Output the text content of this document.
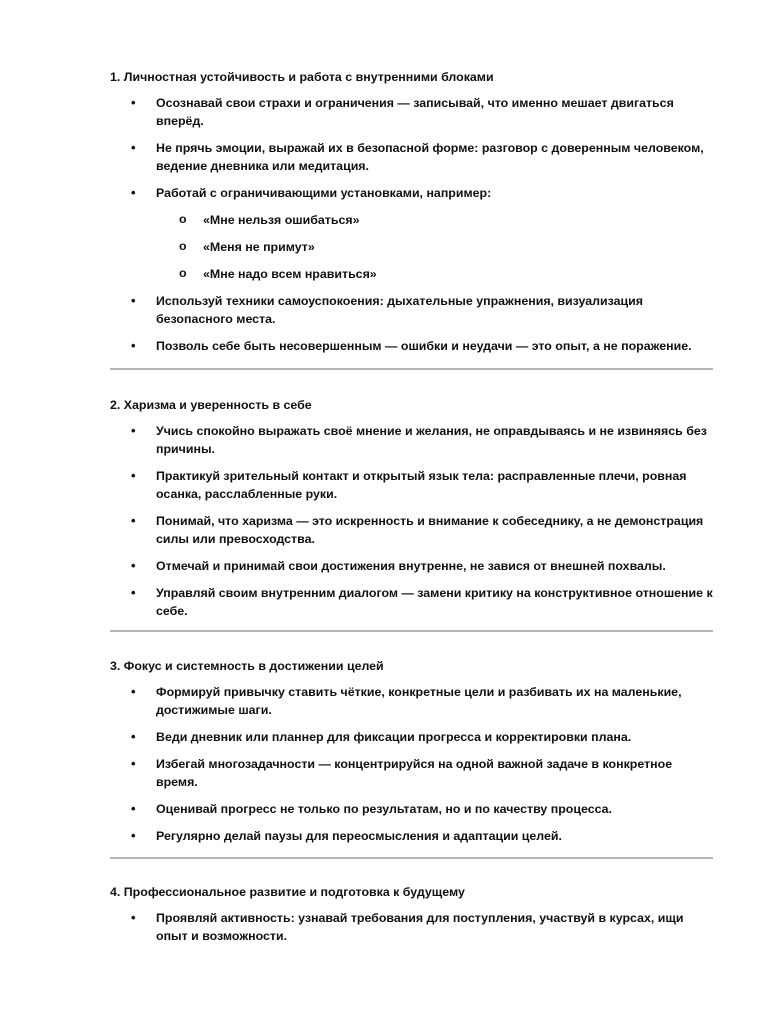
1. Личностная устойчивость и работа с внутренними блоками
•	Осознавай свои страхи и ограничения — записывай, что именно мешает двигаться вперёд.
•	Не прячь эмоции, выражай их в безопасной форме: разговор с доверенным человеком, ведение дневника или медитация.
•	Работай с ограничивающими установками, например:
o «Мне нельзя ошибаться»
o «Меня не примут»
o «Мне надо всем нравиться»
•	Используй техники самоуспокоения: дыхательные упражнения, визуализация безопасного места.
•	Позволь себе быть несовершенным — ошибки и неудачи — это опыт, а не поражение.
2. Харизма и уверенность в себе
•	Учись спокойно выражать своё мнение и желания, не оправдываясь и не извиняясь без причины.
•	Практикуй зрительный контакт и открытый язык тела: расправленные плечи, ровная осанка, расслабленные руки.
•	Понимай, что харизма — это искренность и внимание к собеседнику, а не демонстрация силы или превосходства.
•	Отмечай и принимай свои достижения внутренне, не завися от внешней похвалы.
•	Управляй своим внутренним диалогом — замени критику на конструктивное отношение к себе.
3. Фокус и системность в достижении целей
•	Формируй привычку ставить чёткие, конкретные цели и разбивать их на маленькие, достижимые шаги.
•	Веди дневник или планнер для фиксации прогресса и корректировки плана.
•	Избегай многозадачности — концентрируйся на одной важной задаче в конкретное время.
•	Оценивай прогресс не только по результатам, но и по качеству процесса.
•	Регулярно делай паузы для переосмысления и адаптации целей.
4. Профессиональное развитие и подготовка к будущему
•	Проявляй активность: узнавай требования для поступления, участвуй в курсах, ищи опыт и возможности.
